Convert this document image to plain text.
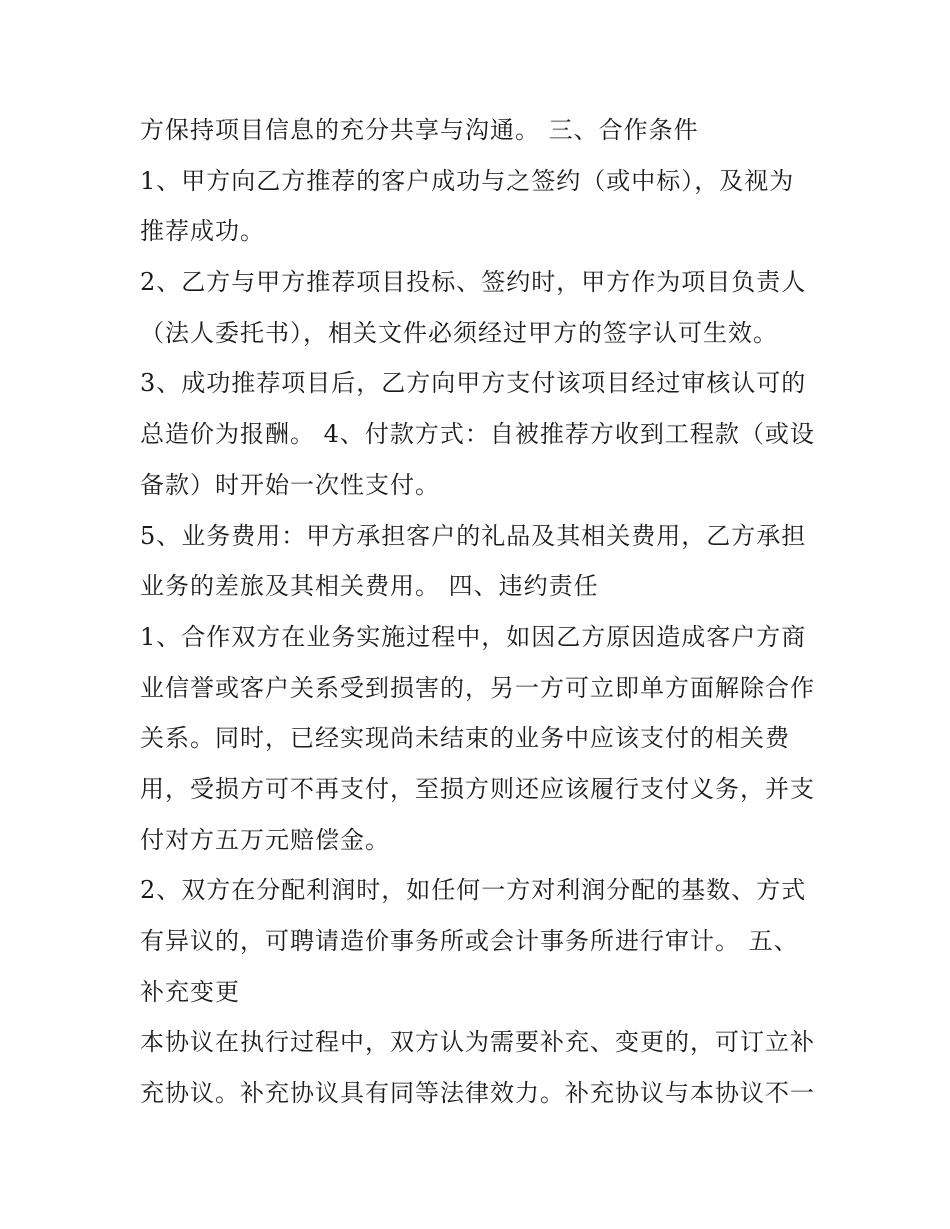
方保持项目信息的充分共享与沟通。 三、合作条件
1、甲方向乙方推荐的客户成功与之签约（或中标），及视为
推荐成功。
2、乙方与甲方推荐项目投标、签约时，甲方作为项目负责人
（法人委托书），相关文件必须经过甲方的签字认可生效。
3、成功推荐项目后，乙方向甲方支付该项目经过审核认可的
总造价为报酬。 4、付款方式：自被推荐方收到工程款（或设
备款）时开始一次性支付。
5、业务费用：甲方承担客户的礼品及其相关费用，乙方承担
业务的差旅及其相关费用。 四、违约责任
1、合作双方在业务实施过程中，如因乙方原因造成客户方商
业信誉或客户关系受到损害的，另一方可立即单方面解除合作
关系。同时，已经实现尚未结束的业务中应该支付的相关费
用，受损方可不再支付，至损方则还应该履行支付义务，并支
付对方五万元赔偿金。
2、双方在分配利润时，如任何一方对利润分配的基数、方式
有异议的，可聘请造价事务所或会计事务所进行审计。 五、
补充变更
本协议在执行过程中，双方认为需要补充、变更的，可订立补
充协议。补充协议具有同等法律效力。补充协议与本协议不一
